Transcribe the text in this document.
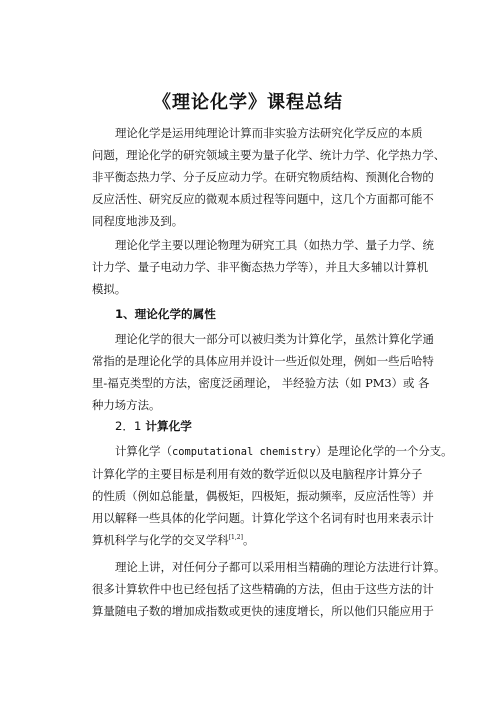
《理论化学》课程总结
理论化学是运用纯理论计算而非实验方法研究化学反应的本质
问题，理论化学的研究领域主要为量子化学、统计力学、化学热力学、
非平衡态热力学、分子反应动力学。在研究物质结构、预测化合物的
反应活性、研究反应的微观本质过程等问题中，这几个方面都可能不
同程度地涉及到。
理论化学主要以理论物理为研究工具（如热力学、量子力学、统
计力学、量子电动力学、非平衡态热力学等），并且大多辅以计算机
模拟。
1、理论化学的属性
理论化学的很大一部分可以被归类为计算化学，虽然计算化学通
常指的是理论化学的具体应用并设计一些近似处理，例如一些后哈特
里-福克类型的方法，密度泛函理论， 半经验方法（如 PM3）或 各
种力场方法。
2．1 计算化学
计算化学（computational chemistry）是理论化学的一个分支。
计算化学的主要目标是利用有效的数学近似以及电脑程序计算分子
的性质（例如总能量，偶极矩，四极矩，振动频率，反应活性等）并
用以解释一些具体的化学问题。计算化学这个名词有时也用来表示计
算机科学与化学的交叉学科[1,2]。
理论上讲，对任何分子都可以采用相当精确的理论方法进行计算。
很多计算软件中也已经包括了这些精确的方法，但由于这些方法的计
算量随电子数的增加成指数或更快的速度增长，所以他们只能应用于
